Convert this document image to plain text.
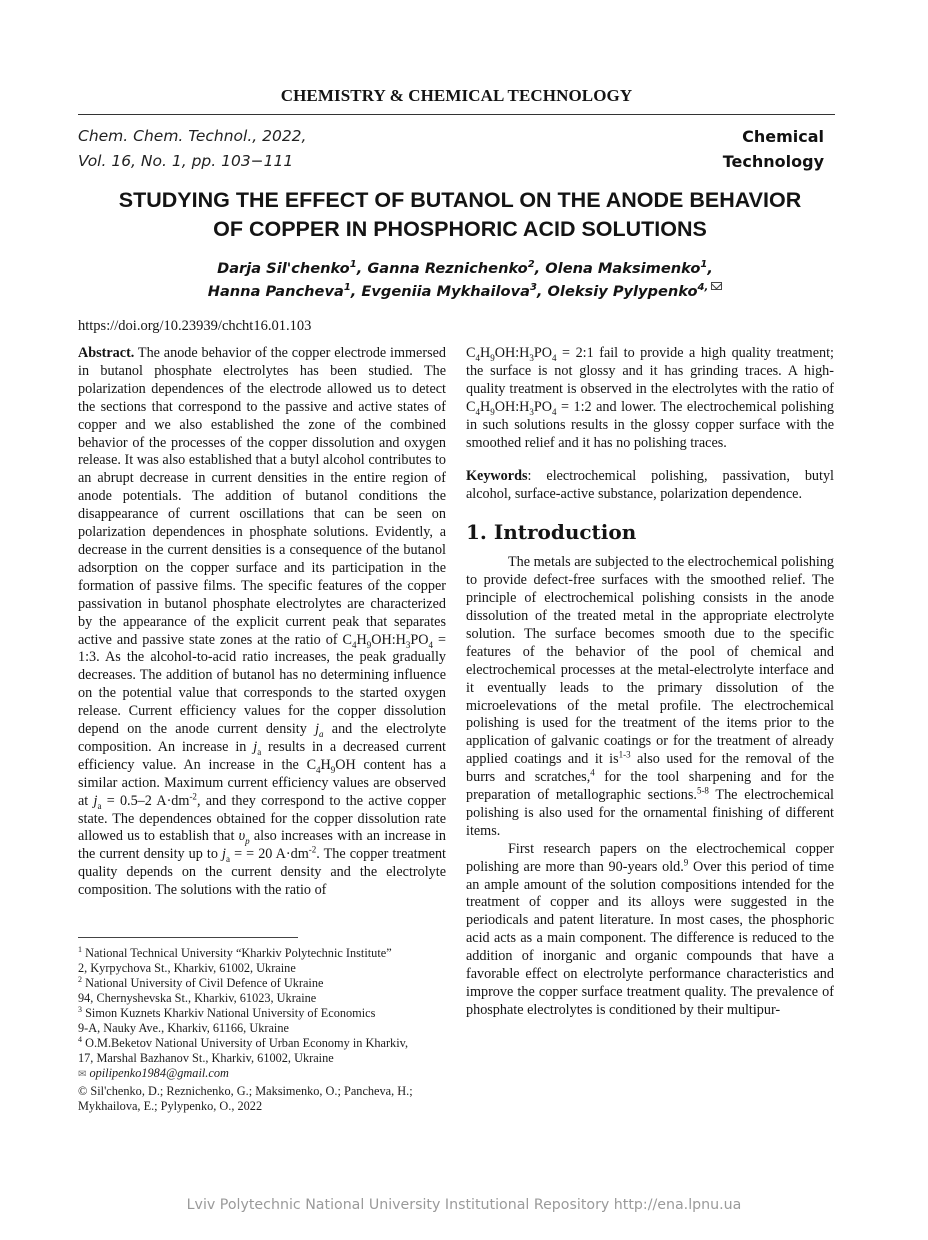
CHEMISTRY & CHEMICAL TECHNOLOGY
Chem. Chem. Technol., 2022,
Vol. 16, No. 1, pp. 103−111
Chemical
Technology
STUDYING THE EFFECT OF BUTANOL ON THE ANODE BEHAVIOR
OF COPPER IN PHOSPHORIC ACID SOLUTIONS
Darja Sil'chenko$^1$, Ganna Reznichenko$^2$, Olena Maksimenko$^1$,
Hanna Pancheva$^1$, Evgeniia Mykhailova$^3$, Oleksiy Pylypenko$^{4,}$
https://doi.org/10.23939/chcht16.01.103

Abstract. The anode behavior of the copper electrode immersed in butanol phosphate electrolytes has been studied. The polarization dependences of the electrode allowed us to detect the sections that correspond to the passive and active states of copper and we also established the zone of the combined behavior of the processes of the copper dissolution and oxygen release. It was also established that a butyl alcohol contributes to an abrupt decrease in current densities in the entire region of anode potentials. The addition of butanol conditions the disappearance of current oscillations that can be seen on polarization dependences in phosphate solutions. Evidently, a decrease in the current densities is a consequence of the butanol adsorption on the copper surface and its participation in the formation of passive films. The specific features of the copper passivation in butanol phosphate electrolytes are characterized by the appearance of the explicit current peak that separates active and passive state zones at the ratio of $C_4H_9OH:H_3PO_4$ = 1:3. As the alcohol-to-acid ratio increases, the peak gradually decreases. The addition of butanol has no determining influence on the potential value that corresponds to the started oxygen release. Current efficiency values for the copper dissolution depend on the anode current density $j_a$ and the electrolyte composition. An increase in $j_a$ results in a decreased current efficiency value. An increase in the $C_4H_9OH$ content has a similar action. Maximum current efficiency values are observed at $j_a = 0.5-2$ $A\cdot dm^{-2}$, and they correspond to the active copper state. The dependences obtained for the copper dissolution rate allowed us to establish that $\upsilon_p$ also increases with an increase in the current density up to $j_a$ = = 20 $A\cdot dm^{-2}$. The copper treatment quality depends on the current density and the electrolyte composition. The solutions with the ratio of

$C_4H_9OH:H_3PO_4$ = 2:1 fail to provide a high quality treatment; the surface is not glossy and it has grinding traces. A high-quality treatment is observed in the electrolytes with the ratio of $C_4H_9OH:H_3PO_4$ = 1:2 and lower. The electrochemical polishing in such solutions results in the glossy copper surface with the smoothed relief and it has no polishing traces.

Keywords: electrochemical polishing, passivation, butyl alcohol, surface-active substance, polarization dependence.

1. Introduction

The metals are subjected to the electrochemical polishing to provide defect-free surfaces with the smoothed relief. The principle of electrochemical polishing consists in the anode dissolution of the treated metal in the appropriate electrolyte solution. The surface becomes smooth due to the specific features of the behavior of the pool of chemical and electrochemical processes at the metal-electrolyte interface and it eventually leads to the primary dissolution of the microelevations of the metal profile. The electrochemical polishing is used for the treatment of the items prior to the application of galvanic coatings or for the treatment of already applied coatings and it $is^{1-3}$ also used for the removal of the burrs and scratches,$^4$ for the tool sharpening and for the preparation of metallographic sections.$^{5-8}$ The electrochemical polishing is also used for the ornamental finishing of different items.

First research papers on the electrochemical copper polishing are more than 90-years old.$^9$ Over this period of time an ample amount of the solution compositions intended for the treatment of copper and its alloys were suggested in the periodicals and patent literature. In most cases, the phosphoric acid acts as a main component. The difference is reduced to the addition of inorganic and organic compounds that have a favorable effect on electrolyte performance characteristics and improve the copper surface treatment quality. The prevalence of phosphate electrolytes is conditioned by their multipur-

$^1$ National Technical University “Kharkiv Polytechnic Institute”
2, Kyrpychova St., Kharkiv, 61002, Ukraine
$^2$ National University of Civil Defence of Ukraine
94, Chernyshevska St., Kharkiv, 61023, Ukraine
$^3$ Simon Kuznets Kharkiv National University of Economics
9-A, Nauky Ave., Kharkiv, 61166, Ukraine
$^4$ O.M.Beketov National University of Urban Economy in Kharkiv,
17, Marshal Bazhanov St., Kharkiv, 61002, Ukraine
✉ opilipenko1984@gmail.com
© Sil'chenko, D.; Reznichenko, G.; Maksimenko, O.; Pancheva, H.;
Mykhailova, E.; Pylypenko, O., 2022
Lviv Polytechnic National University Institutional Repository http://ena.lpnu.ua
